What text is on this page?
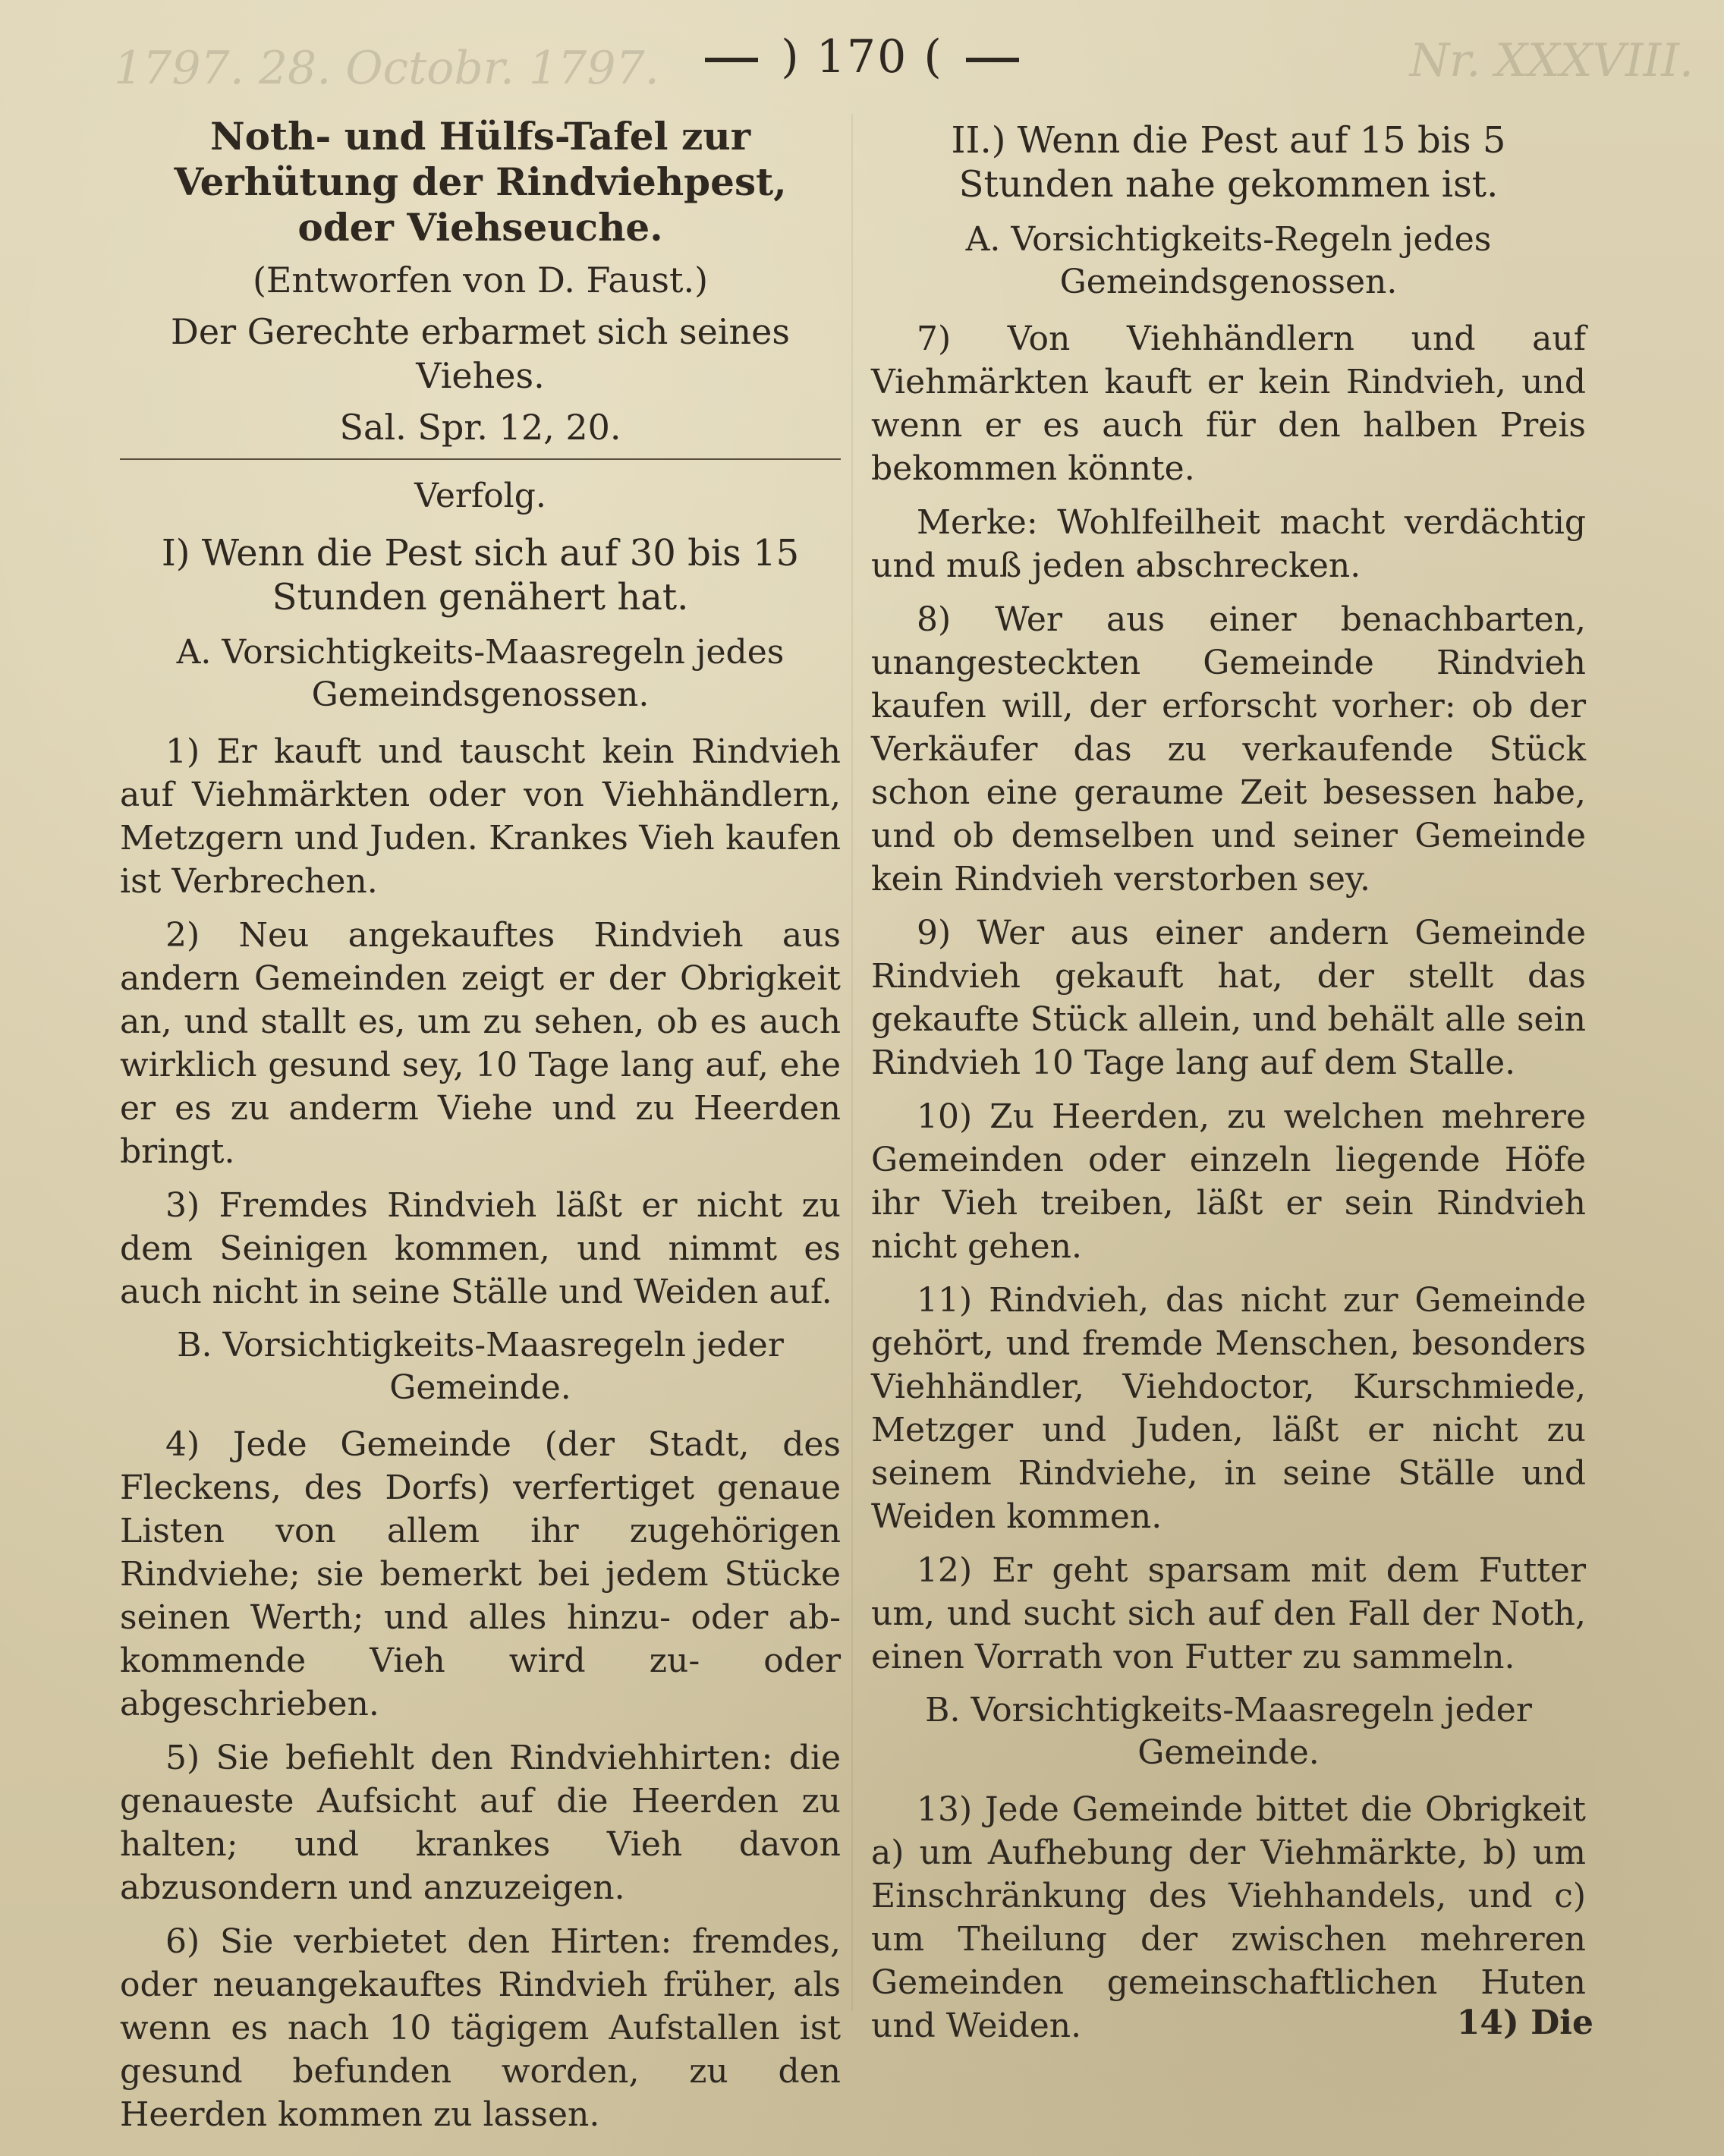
1797. 28. Octobr. 1797.	Nr. XXXVIII.
) 170 (
Noth- und Hülfs-Tafel zur Verhütung der Rindviehpest, oder Viehseuche.
(Entworfen von D. Faust.)
Der Gerechte erbarmet sich seines Viehes.
Sal. Spr. 12, 20.
Verfolg.
I) Wenn die Pest sich auf 30 bis 15 Stunden genähert hat.
A. Vorsichtigkeits-Maasregeln jedes Gemeindsgenossen.

1) Er kauft und tauscht kein Rindvieh auf Viehmärkten oder von Viehhändlern, Metzgern und Juden. Krankes Vieh kaufen ist Verbrechen.

2) Neu angekauftes Rindvieh aus andern Gemeinden zeigt er der Obrigkeit an, und stallt es, um zu sehen, ob es auch wirklich gesund sey, 10 Tage lang auf, ehe er es zu anderm Viehe und zu Heerden bringt.

3) Fremdes Rindvieh läßt er nicht zu dem Seinigen kommen, und nimmt es auch nicht in seine Ställe und Weiden auf.

B. Vorsichtigkeits-Maasregeln jeder Gemeinde.

4) Jede Gemeinde (der Stadt, des Fleckens, des Dorfs) verfertiget genaue Listen von allem ihr zugehörigen Rindviehe; sie bemerkt bei jedem Stücke seinen Werth; und alles hinzu- oder ab-kommende Vieh wird zu- oder abgeschrieben.

5) Sie befiehlt den Rindviehhirten: die genaueste Aufsicht auf die Heerden zu halten; und krankes Vieh davon abzusondern und anzuzeigen.

6) Sie verbietet den Hirten: fremdes, oder neuangekauftes Rindvieh früher, als wenn es nach 10 tägigem Aufstallen ist gesund befunden worden, zu den Heerden kommen zu lassen.

II.) Wenn die Pest auf 15 bis 5 Stunden nahe gekommen ist.
A. Vorsichtigkeits-Regeln jedes Gemeindsgenossen.

7) Von Viehhändlern und auf Viehmärkten kauft er kein Rindvieh, und wenn er es auch für den halben Preis bekommen könnte.

Merke: Wohlfeilheit macht verdächtig und muß jeden abschrecken.

8) Wer aus einer benachbarten, unangesteckten Gemeinde Rindvieh kaufen will, der erforscht vorher: ob der Verkäufer das zu verkaufende Stück schon eine geraume Zeit besessen habe, und ob demselben und seiner Gemeinde kein Rindvieh verstorben sey.

9) Wer aus einer andern Gemeinde Rindvieh gekauft hat, der stellt das gekaufte Stück allein, und behält alle sein Rindvieh 10 Tage lang auf dem Stalle.

10) Zu Heerden, zu welchen mehrere Gemeinden oder einzeln liegende Höfe ihr Vieh treiben, läßt er sein Rindvieh nicht gehen.

11) Rindvieh, das nicht zur Gemeinde gehört, und fremde Menschen, besonders Viehhändler, Viehdoctor, Kurschmiede, Metzger und Juden, läßt er nicht zu seinem Rindviehe, in seine Ställe und Weiden kommen.

12) Er geht sparsam mit dem Futter um, und sucht sich auf den Fall der Noth, einen Vorrath von Futter zu sammeln.

B. Vorsichtigkeits-Maasregeln jeder Gemeinde.

13) Jede Gemeinde bittet die Obrigkeit a) um Aufhebung der Viehmärkte, b) um Einschränkung des Viehhandels, und c) um Theilung der zwischen mehreren Gemeinden gemeinschaftlichen Huten und Weiden.	14) Die
